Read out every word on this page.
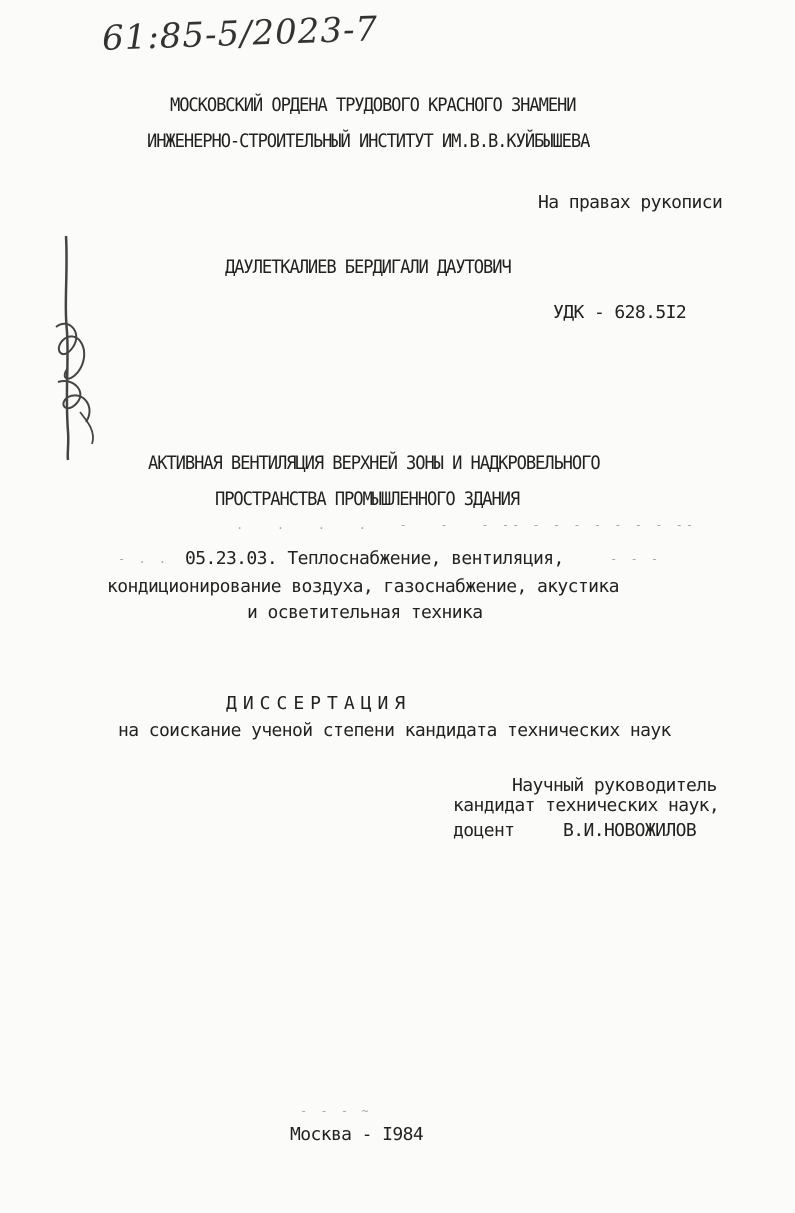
61:85-5/2023-7
МОСКОВСКИЙ ОРДЕНА ТРУДОВОГО КРАСНОГО ЗНАМЕНИ
ИНЖЕНЕРНО-СТРОИТЕЛЬНЫЙ ИНСТИТУТ ИМ.В.В.КУЙБЫШЕВА
На правах рукописи
ДАУЛЕТКАЛИЕВ БЕРДИГАЛИ ДАУТОВИЧ
УДК - 628.5I2
АКТИВНАЯ ВЕНТИЛЯЦИЯ ВЕРХНЕЙ ЗОНЫ И НАДКРОВЕЛЬНОГО
ПРОСТРАНСТВА ПРОМЫШЛЕННОГО ЗДАНИЯ
.   .   .   .   -   -   - -- - - - - - - - --
- . .	- - -
05.23.03. Теплоснабжение, вентиляция,
кондиционирование воздуха, газоснабжение, акустика
и осветительная техника
ДИССЕРТАЦИЯ
на соискание ученой степени кандидата технических наук
Научный руководитель
кандидат технических наук,
доцент	В.И.НОВОЖИЛОВ
- - - ~
Москва - I984
